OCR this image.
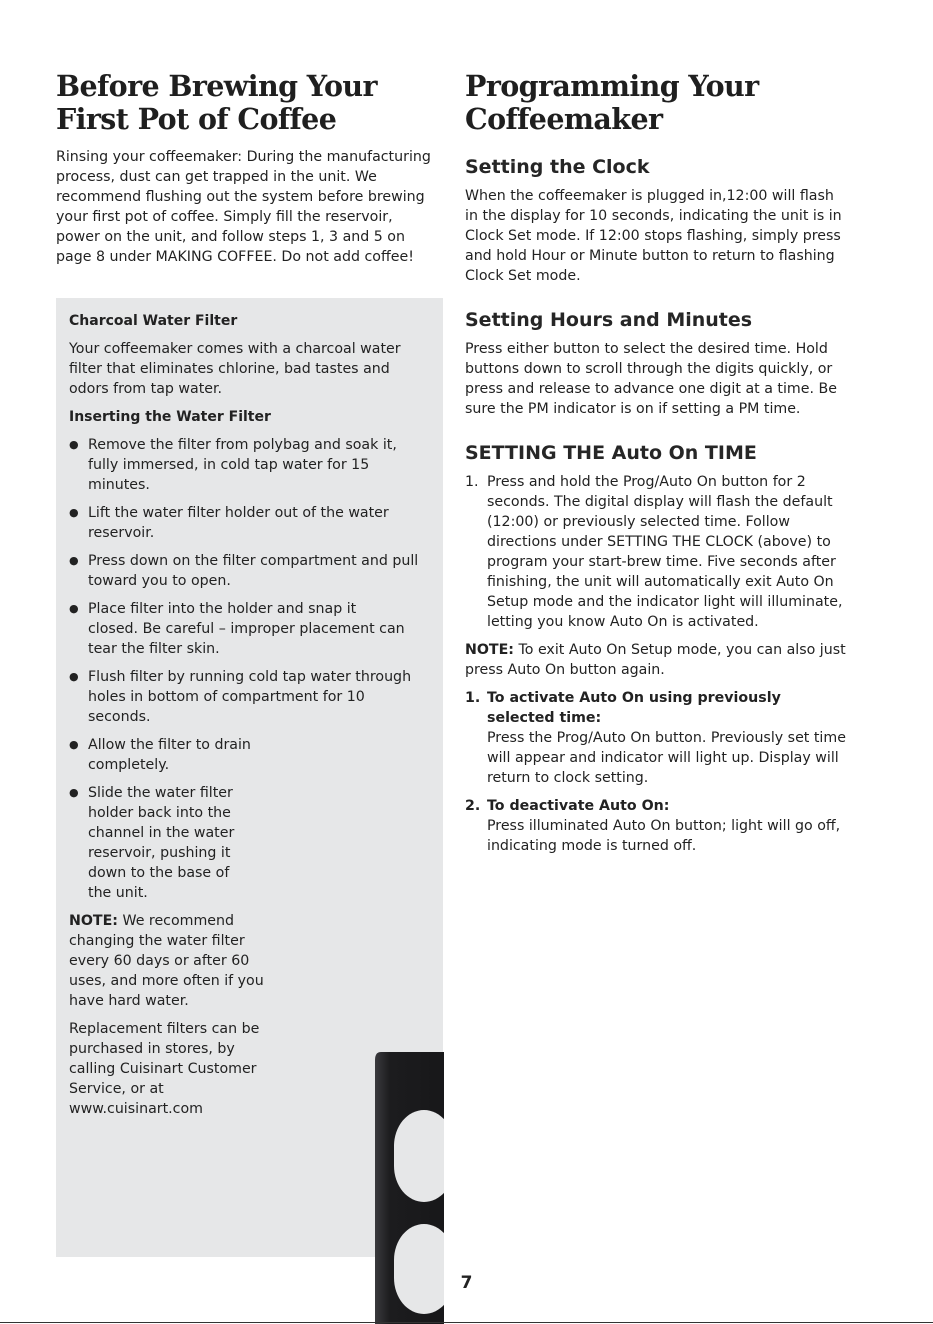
Before Brewing Your
First Pot of Coffee

Rinsing your coffeemaker: During the manufacturing process, dust can get trapped in the unit. We recommend flushing out the system before brewing your first pot of coffee. Simply fill the reservoir, power on the unit, and follow steps 1, 3 and 5 on page 8 under MAKING COFFEE. Do not add coffee!

Charcoal Water Filter

Your coffeemaker comes with a charcoal water filter that eliminates chlorine, bad tastes and odors from tap water.

Inserting the Water Filter
● Remove the filter from polybag and soak it, fully immersed, in cold tap water for 15 minutes.
● Lift the water filter holder out of the water reservoir.
● Press down on the filter compartment and pull toward you to open.
● Place filter into the holder and snap it closed. Be careful – improper placement can tear the filter skin.
● Flush filter by running cold tap water through holes in bottom of compartment for 10 seconds.
● Allow the filter to drain completely.
● Slide the water filter holder back into the channel in the water reservoir, pushing it down to the base of the unit.

NOTE: We recommend changing the water filter every 60 days or after 60 uses, and more often if you have hard water.

Replacement filters can be purchased in stores, by calling Cuisinart Customer Service, or at www.cuisinart.com

Programming Your
Coffeemaker
Setting the Clock

When the coffeemaker is plugged in,12:00 will flash in the display for 10 seconds, indicating the unit is in Clock Set mode. If 12:00 stops flashing, simply press and hold Hour or Minute button to return to flashing Clock Set mode.

Setting Hours and Minutes

Press either button to select the desired time. Hold buttons down to scroll through the digits quickly, or press and release to advance one digit at a time. Be sure the PM indicator is on if setting a PM time.

SETTING THE Auto On TIME
1. Press and hold the Prog/Auto On button for 2 seconds. The digital display will flash the default (12:00) or previously selected time. Follow directions under SETTING THE CLOCK (above) to program your start-brew time. Five seconds after finishing, the unit will automatically exit Auto On Setup mode and the indicator light will illuminate, letting you know Auto On is activated.

NOTE: To exit Auto On Setup mode, you can also just press Auto On button again.

1. To activate Auto On using previously selected time:
Press the Prog/Auto On button. Previously set time will appear and indicator will light up. Display will return to clock setting.
2. To deactivate Auto On:
Press illuminated Auto On button; light will go off, indicating mode is turned off.
7
